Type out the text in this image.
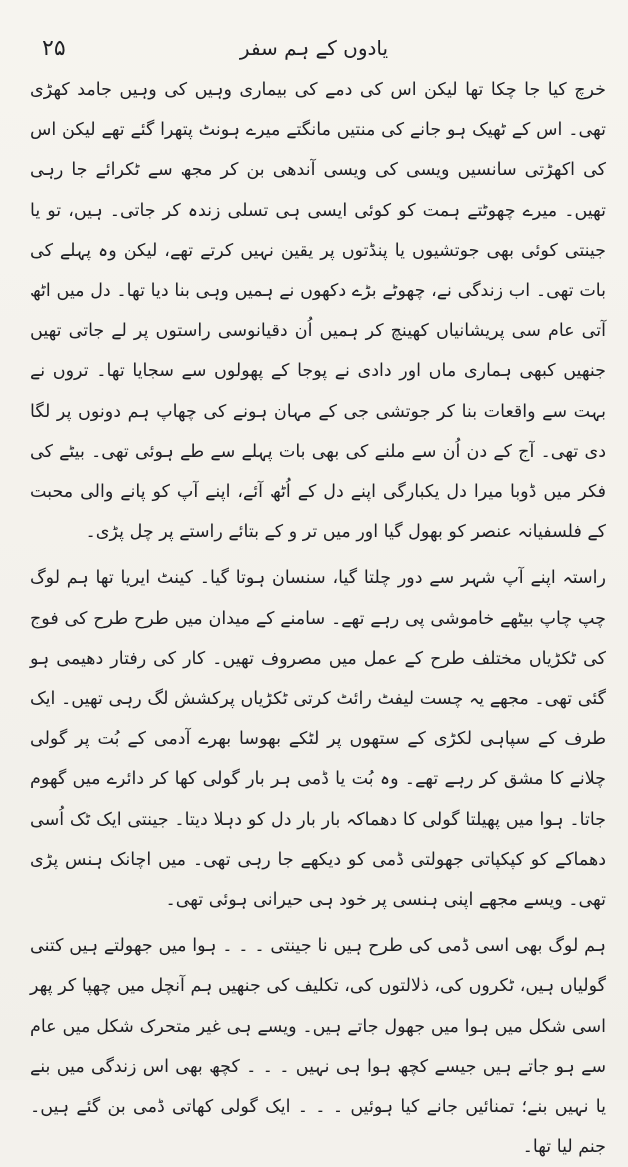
۲۵	یادوں کے ہم سفر

خرچ کیا جا چکا تھا لیکن اس کی دمے کی بیماری وہیں کی وہیں جامد کھڑی تھی۔ اس کے ٹھیک ہو جانے کی منتیں مانگتے میرے ہونٹ پتھرا گئے تھے لیکن اس کی اکھڑتی سانسیں ویسی کی ویسی آندھی بن کر مجھ سے ٹکرائے جا رہی تھیں۔ میرے چھوٹتے ہمت کو کوئی ایسی ہی تسلی زندہ کر جاتی۔ ہیں، تو یا جینتی کوئی بھی جوتشیوں یا پنڈتوں پر یقین نہیں کرتے تھے، لیکن وہ پہلے کی بات تھی۔ اب زندگی نے، چھوٹے بڑے دکھوں نے ہمیں وہی بنا دیا تھا۔ دل میں اٹھ آتی عام سی پریشانیاں کھینچ کر ہمیں اُن دقیانوسی راستوں پر لے جاتی تھیں جنھیں کبھی ہماری ماں اور دادی نے پوجا کے پھولوں سے سجایا تھا۔ تروں نے بہت سے واقعات بنا کر جوتشی جی کے مہان ہونے کی چھاپ ہم دونوں پر لگا دی تھی۔ آج کے دن اُن سے ملنے کی بھی بات پہلے سے طے ہوئی تھی۔ بیٹے کی فکر میں ڈوبا میرا دل یکبارگی اپنے دل کے اُٹھ آئے، اپنے آپ کو پانے والی محبت کے فلسفیانہ عنصر کو بھول گیا اور میں تر و کے بتائے راستے پر چل پڑی۔

راستہ اپنے آپ شہر سے دور چلتا گیا، سنسان ہوتا گیا۔ کینٹ ایریا تھا ہم لوگ چپ چاپ بیٹھے خاموشی پی رہے تھے۔ سامنے کے میدان میں طرح طرح کی فوج کی ٹکڑیاں مختلف طرح کے عمل میں مصروف تھیں۔ کار کی رفتار دھیمی ہو گئی تھی۔ مجھے یہ چست لیفٹ رائٹ کرتی ٹکڑیاں پرکشش لگ رہی تھیں۔ ایک طرف کے سپاہی لکڑی کے ستھوں پر لٹکے بھوسا بھرے آدمی کے بُت پر گولی چلانے کا مشق کر رہے تھے۔ وہ بُت یا ڈمی ہر بار گولی کھا کر دائرے میں گھوم جاتا۔ ہوا میں پھیلتا گولی کا دھماکہ بار بار دل کو دہلا دیتا۔ جینتی ایک ٹک اُسی دھماکے کو کپکپاتی جھولتی ڈمی کو دیکھے جا رہی تھی۔ میں اچانک ہنس پڑی تھی۔ ویسے مجھے اپنی ہنسی پر خود ہی حیرانی ہوئی تھی۔

ہم لوگ بھی اسی ڈمی کی طرح ہیں نا جینتی ۔ ۔ ۔ ہوا میں جھولتے ہیں کتنی گولیاں ہیں، ٹکروں کی، ذلالتوں کی، تکلیف کی جنھیں ہم آنچل میں چھپا کر پھر اسی شکل میں ہوا میں جھول جاتے ہیں۔ ویسے ہی غیر متحرک شکل میں عام سے ہو جاتے ہیں جیسے کچھ ہوا ہی نہیں ۔ ۔ ۔ کچھ بھی اس زندگی میں بنے یا نہیں بنے؛ تمنائیں جانے کیا ہوئیں ۔ ۔ ۔ ایک گولی کھاتی ڈمی بن گئے ہیں۔ جنم لیا تھا۔
